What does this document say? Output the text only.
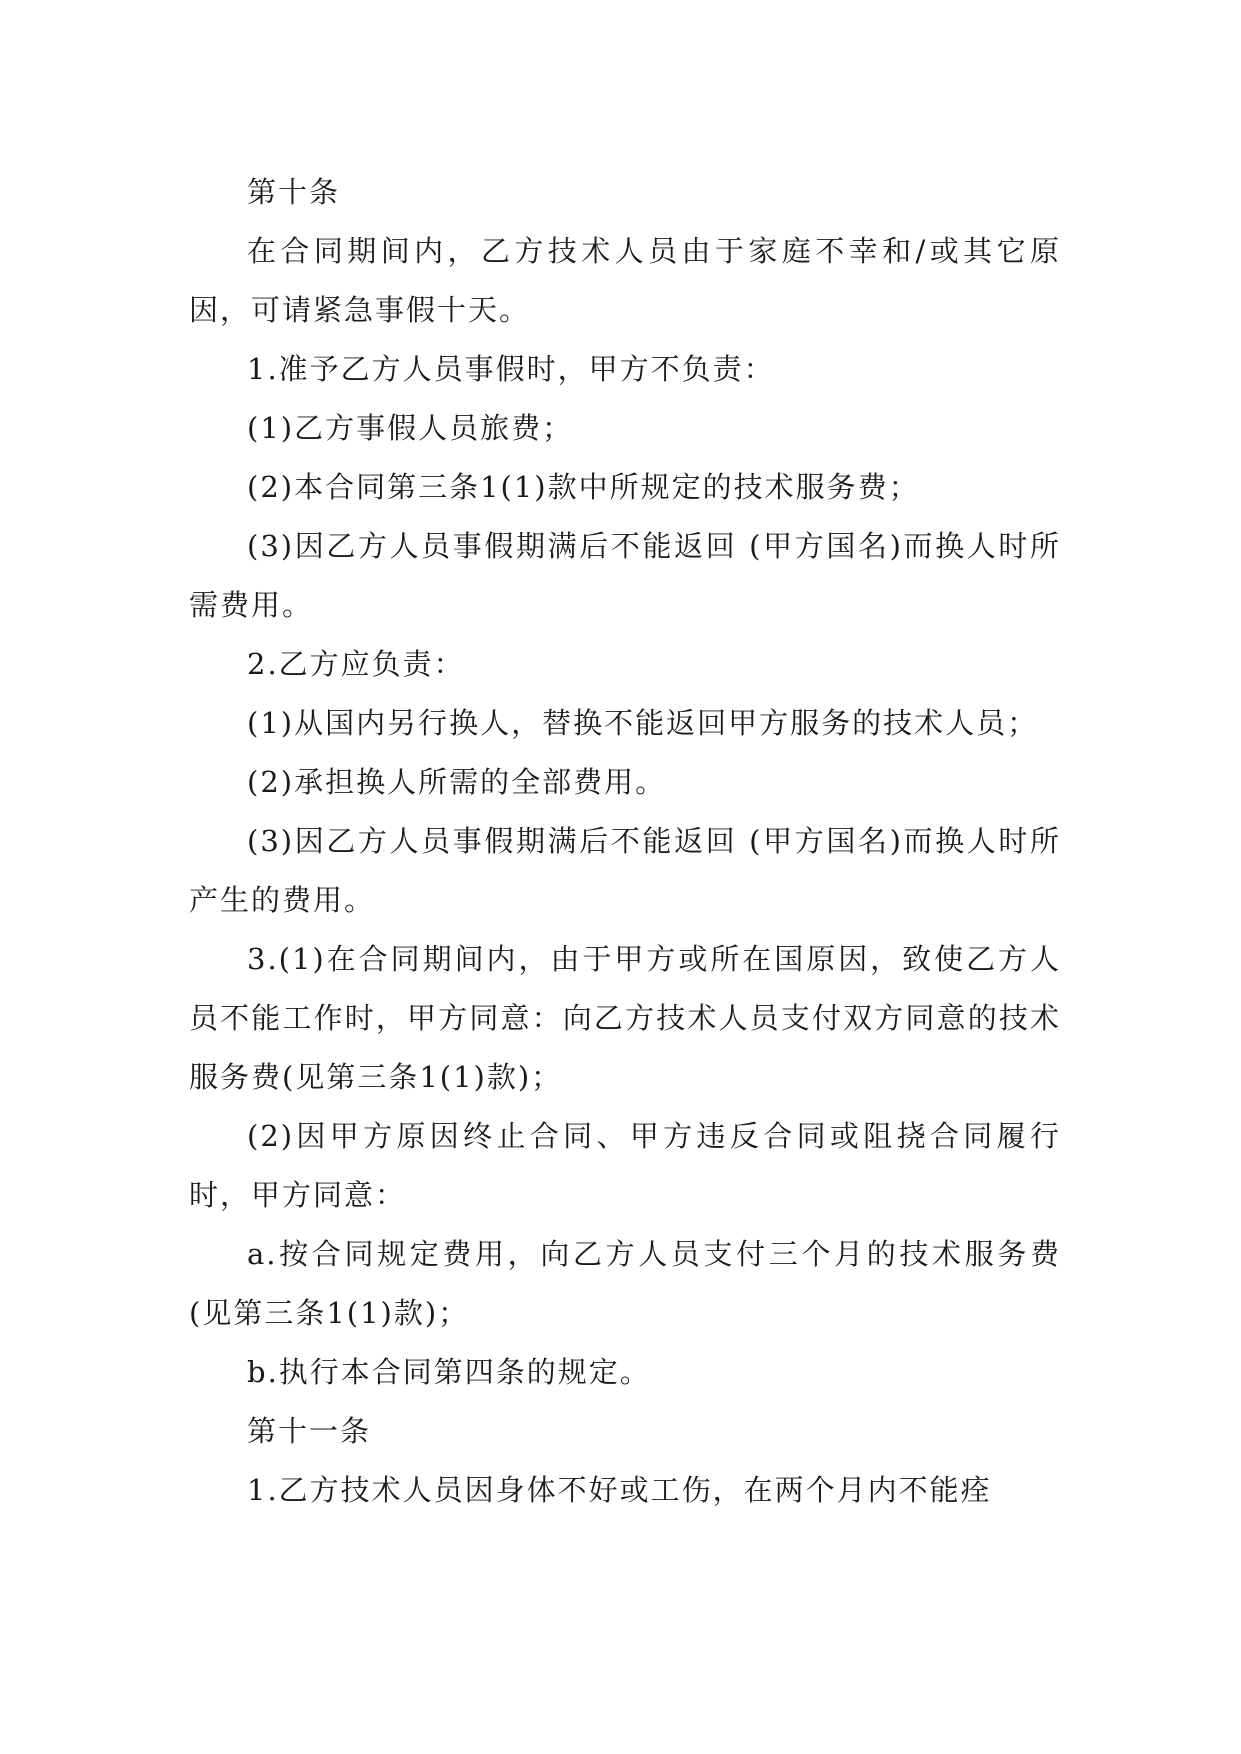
第十条

在合同期间内，乙方技术人员由于家庭不幸和/或其它原因，可请紧急事假十天。

1.准予乙方人员事假时，甲方不负责：

(1)乙方事假人员旅费；

(2)本合同第三条1(1)款中所规定的技术服务费；

(3)因乙方人员事假期满后不能返回 (甲方国名)而换人时所需费用。

2.乙方应负责：

(1)从国内另行换人，替换不能返回甲方服务的技术人员；

(2)承担换人所需的全部费用。

(3)因乙方人员事假期满后不能返回 (甲方国名)而换人时所产生的费用。

3.(1)在合同期间内，由于甲方或所在国原因，致使乙方人员不能工作时，甲方同意：向乙方技术人员支付双方同意的技术服务费(见第三条1(1)款)；

(2)因甲方原因终止合同、甲方违反合同或阻挠合同履行时，甲方同意：

a.按合同规定费用，向乙方人员支付三个月的技术服务费(见第三条1(1)款)；

b.执行本合同第四条的规定。

第十一条

1.乙方技术人员因身体不好或工伤，在两个月内不能痊
